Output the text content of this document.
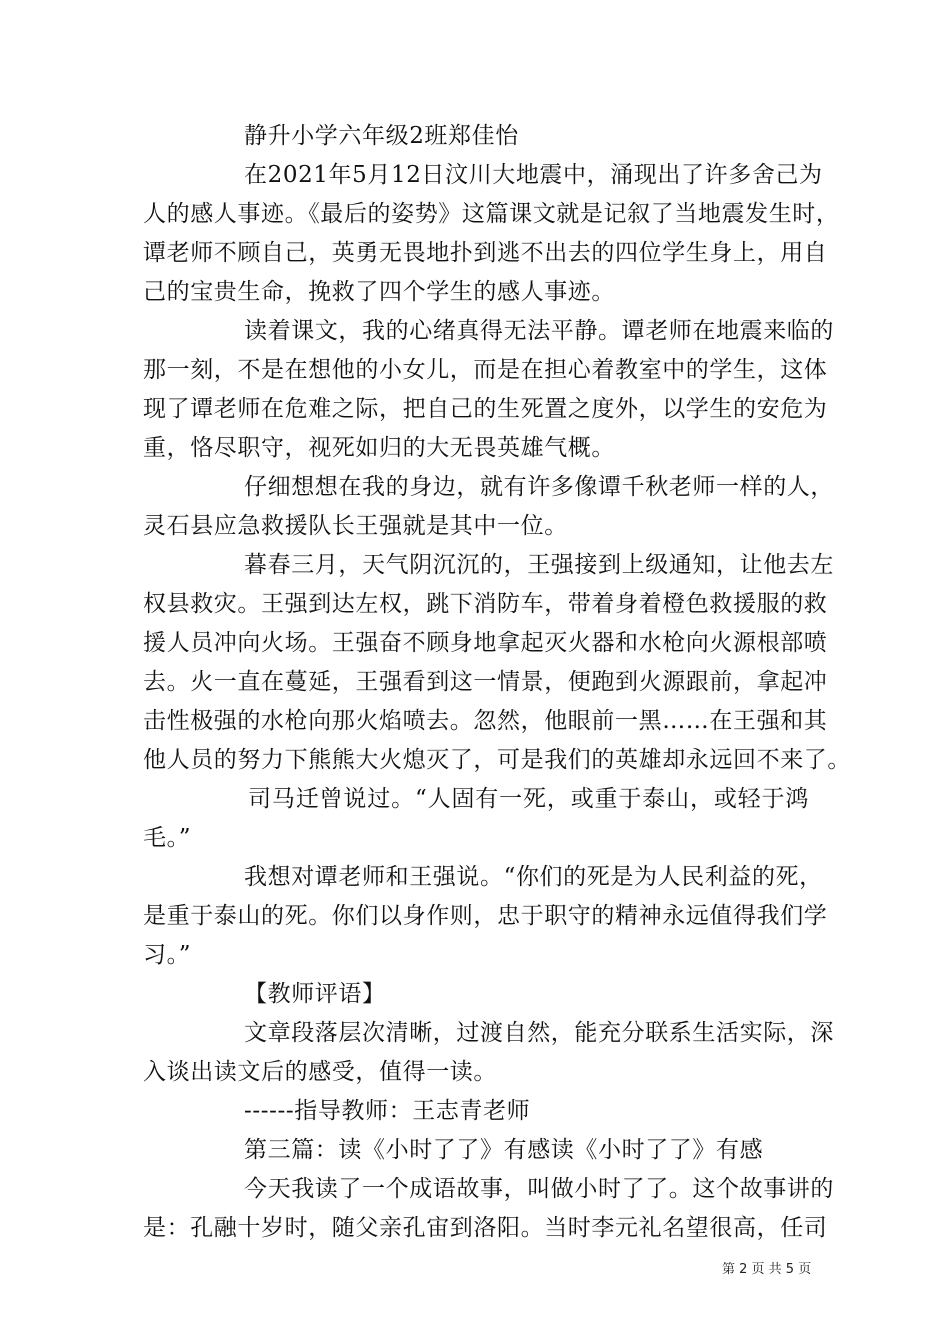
静升小学六年级2班郑佳怡
在2021年5月12日汶川大地震中，涌现出了许多舍己为
人的感人事迹。《最后的姿势》这篇课文就是记叙了当地震发生时，
谭老师不顾自己，英勇无畏地扑到逃不出去的四位学生身上，用自
己的宝贵生命，挽救了四个学生的感人事迹。
读着课文，我的心绪真得无法平静。谭老师在地震来临的
那一刻，不是在想他的小女儿，而是在担心着教室中的学生，这体
现了谭老师在危难之际，把自己的生死置之度外，以学生的安危为
重，恪尽职守，视死如归的大无畏英雄气概。
仔细想想在我的身边，就有许多像谭千秋老师一样的人，
灵石县应急救援队长王强就是其中一位。
暮春三月，天气阴沉沉的，王强接到上级通知，让他去左
权县救灾。王强到达左权，跳下消防车，带着身着橙色救援服的救
援人员冲向火场。王强奋不顾身地拿起灭火器和水枪向火源根部喷
去。火一直在蔓延，王强看到这一情景，便跑到火源跟前，拿起冲
击性极强的水枪向那火焰喷去。忽然，他眼前一黑……在王强和其
他人员的努力下熊熊大火熄灭了，可是我们的英雄却永远回不来了。
司马迁曾说过。“人固有一死，或重于泰山，或轻于鸿
毛。”
我想对谭老师和王强说。“你们的死是为人民利益的死，
是重于泰山的死。你们以身作则，忠于职守的精神永远值得我们学
习。”
【教师评语】
文章段落层次清晰，过渡自然，能充分联系生活实际，深
入谈出读文后的感受，值得一读。
------指导教师：王志青老师
第三篇：读《小时了了》有感读《小时了了》有感
今天我读了一个成语故事，叫做小时了了。这个故事讲的
是：孔融十岁时，随父亲孔宙到洛阳。当时李元礼名望很高，任司
第 2 页 共 5 页
